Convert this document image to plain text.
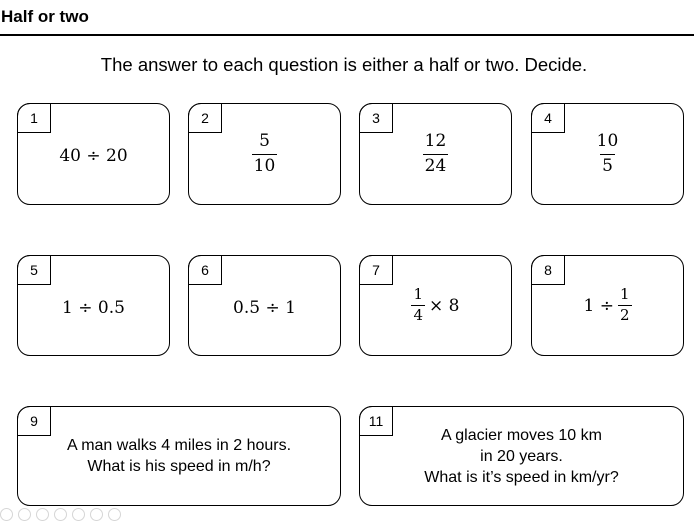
Half or two
The answer to each question is either a half or two. Decide.
1
40 ÷ 20
2
$\frac{5}{10}$
3
$\frac{12}{24}$
4
$\frac{10}{5}$
5
1 ÷ 0.5
6
0.5 ÷ 1
7
$\frac{1}{4} \times 8$
8
$1 \div \frac{1}{2}$
9
A man walks 4 miles in 2 hours.
What is his speed in m/h?
11
A glacier moves 10 km
in 20 years.
What is it’s speed in km/yr?
